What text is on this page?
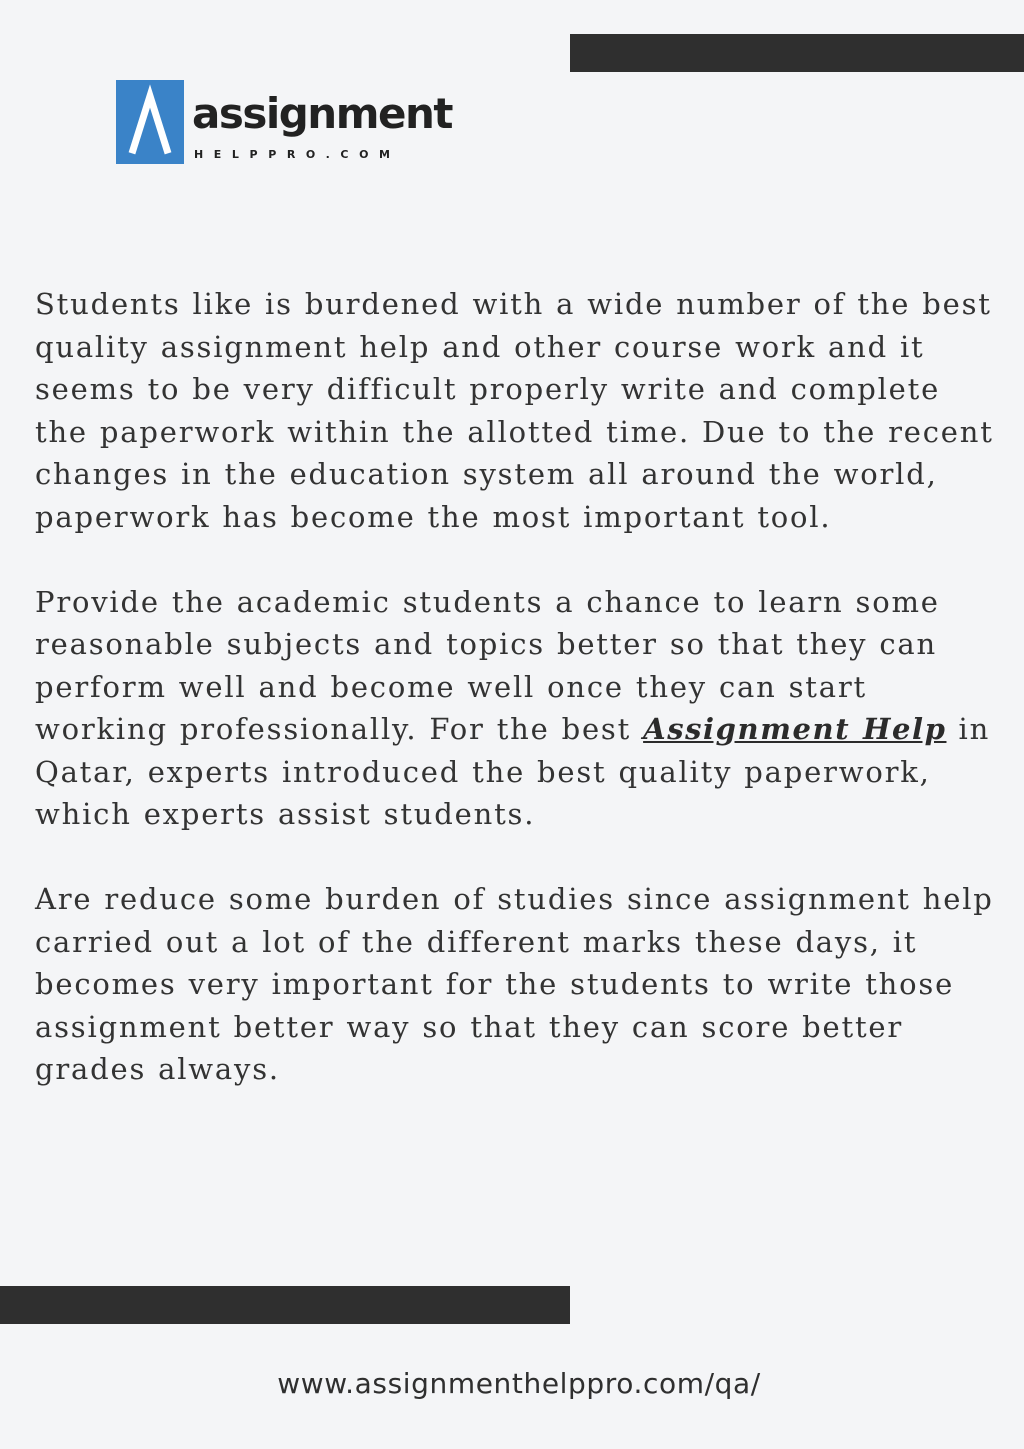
assignment
HELPPRO.COM

Students like is burdened with a wide number of the best
quality assignment help and other course work and it
seems to be very difficult properly write and complete
the paperwork within the allotted time. Due to the recent
changes in the education system all around the world,
paperwork has become the most important tool.

Provide the academic students a chance to learn some
reasonable subjects and topics better so that they can
perform well and become well once they can start
working professionally. For the best Assignment Help in
Qatar, experts introduced the best quality paperwork,
which experts assist students.

Are reduce some burden of studies since assignment help
carried out a lot of the different marks these days, it
becomes very important for the students to write those
assignment better way so that they can score better
grades always.

www.assignmenthelppro.com/qa/
